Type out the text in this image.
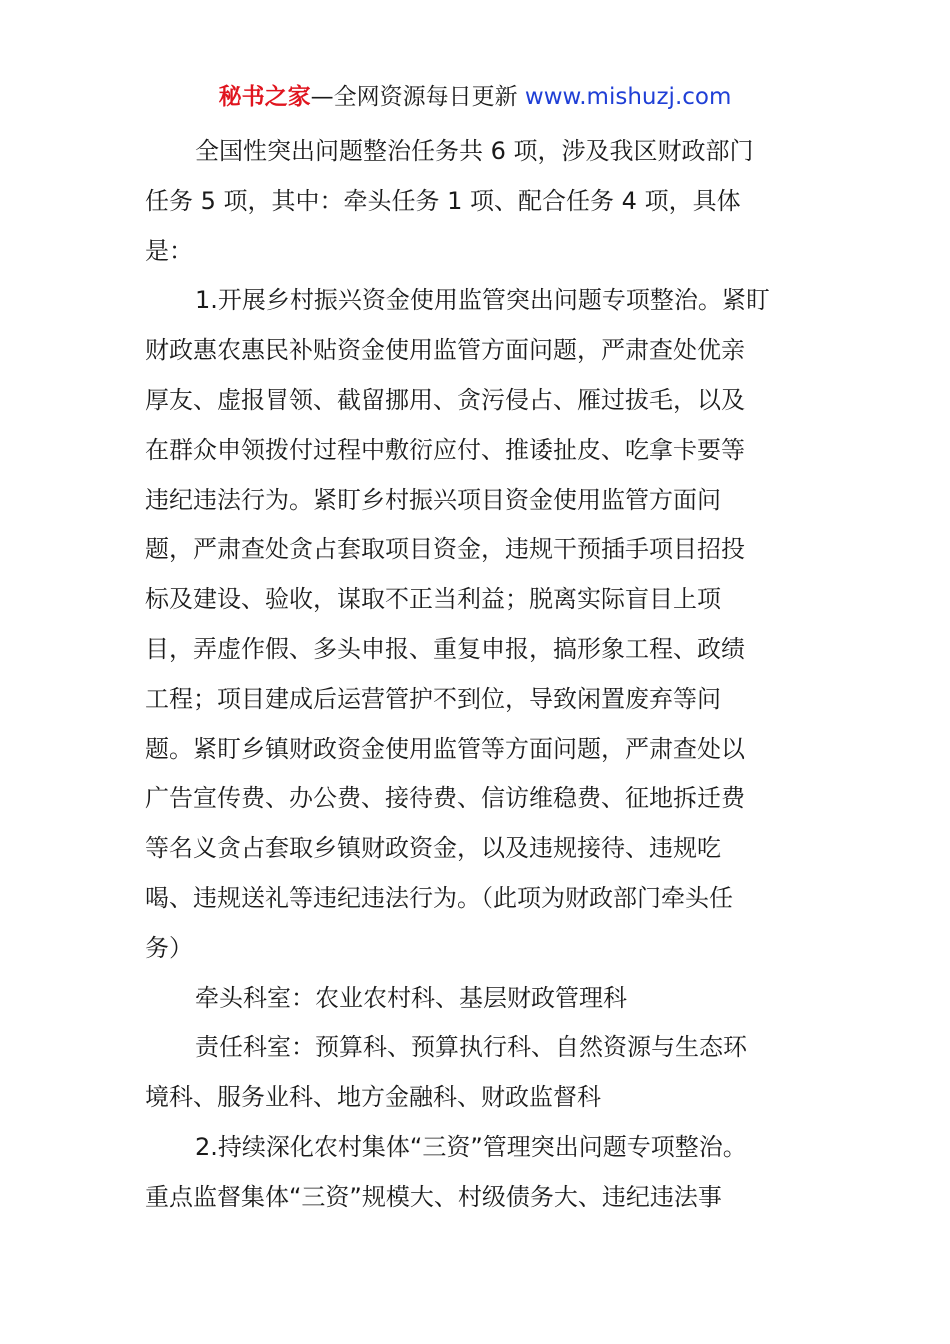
秘书之家—全网资源每日更新 www.mishuzj.com
全国性突出问题整治任务共 6 项，涉及我区财政部门
任务 5 项，其中：牵头任务 1 项、配合任务 4 项，具体
是：
1.开展乡村振兴资金使用监管突出问题专项整治。紧盯
财政惠农惠民补贴资金使用监管方面问题，严肃查处优亲
厚友、虚报冒领、截留挪用、贪污侵占、雁过拔毛，以及
在群众申领拨付过程中敷衍应付、推诿扯皮、吃拿卡要等
违纪违法行为。紧盯乡村振兴项目资金使用监管方面问
题，严肃查处贪占套取项目资金，违规干预插手项目招投
标及建设、验收，谋取不正当利益；脱离实际盲目上项
目，弄虚作假、多头申报、重复申报，搞形象工程、政绩
工程；项目建成后运营管护不到位，导致闲置废弃等问
题。紧盯乡镇财政资金使用监管等方面问题，严肃查处以
广告宣传费、办公费、接待费、信访维稳费、征地拆迁费
等名义贪占套取乡镇财政资金，以及违规接待、违规吃
喝、违规送礼等违纪违法行为。（此项为财政部门牵头任
务）
牵头科室：农业农村科、基层财政管理科
责任科室：预算科、预算执行科、自然资源与生态环
境科、服务业科、地方金融科、财政监督科
2.持续深化农村集体“三资”管理突出问题专项整治。
重点监督集体“三资”规模大、村级债务大、违纪违法事
